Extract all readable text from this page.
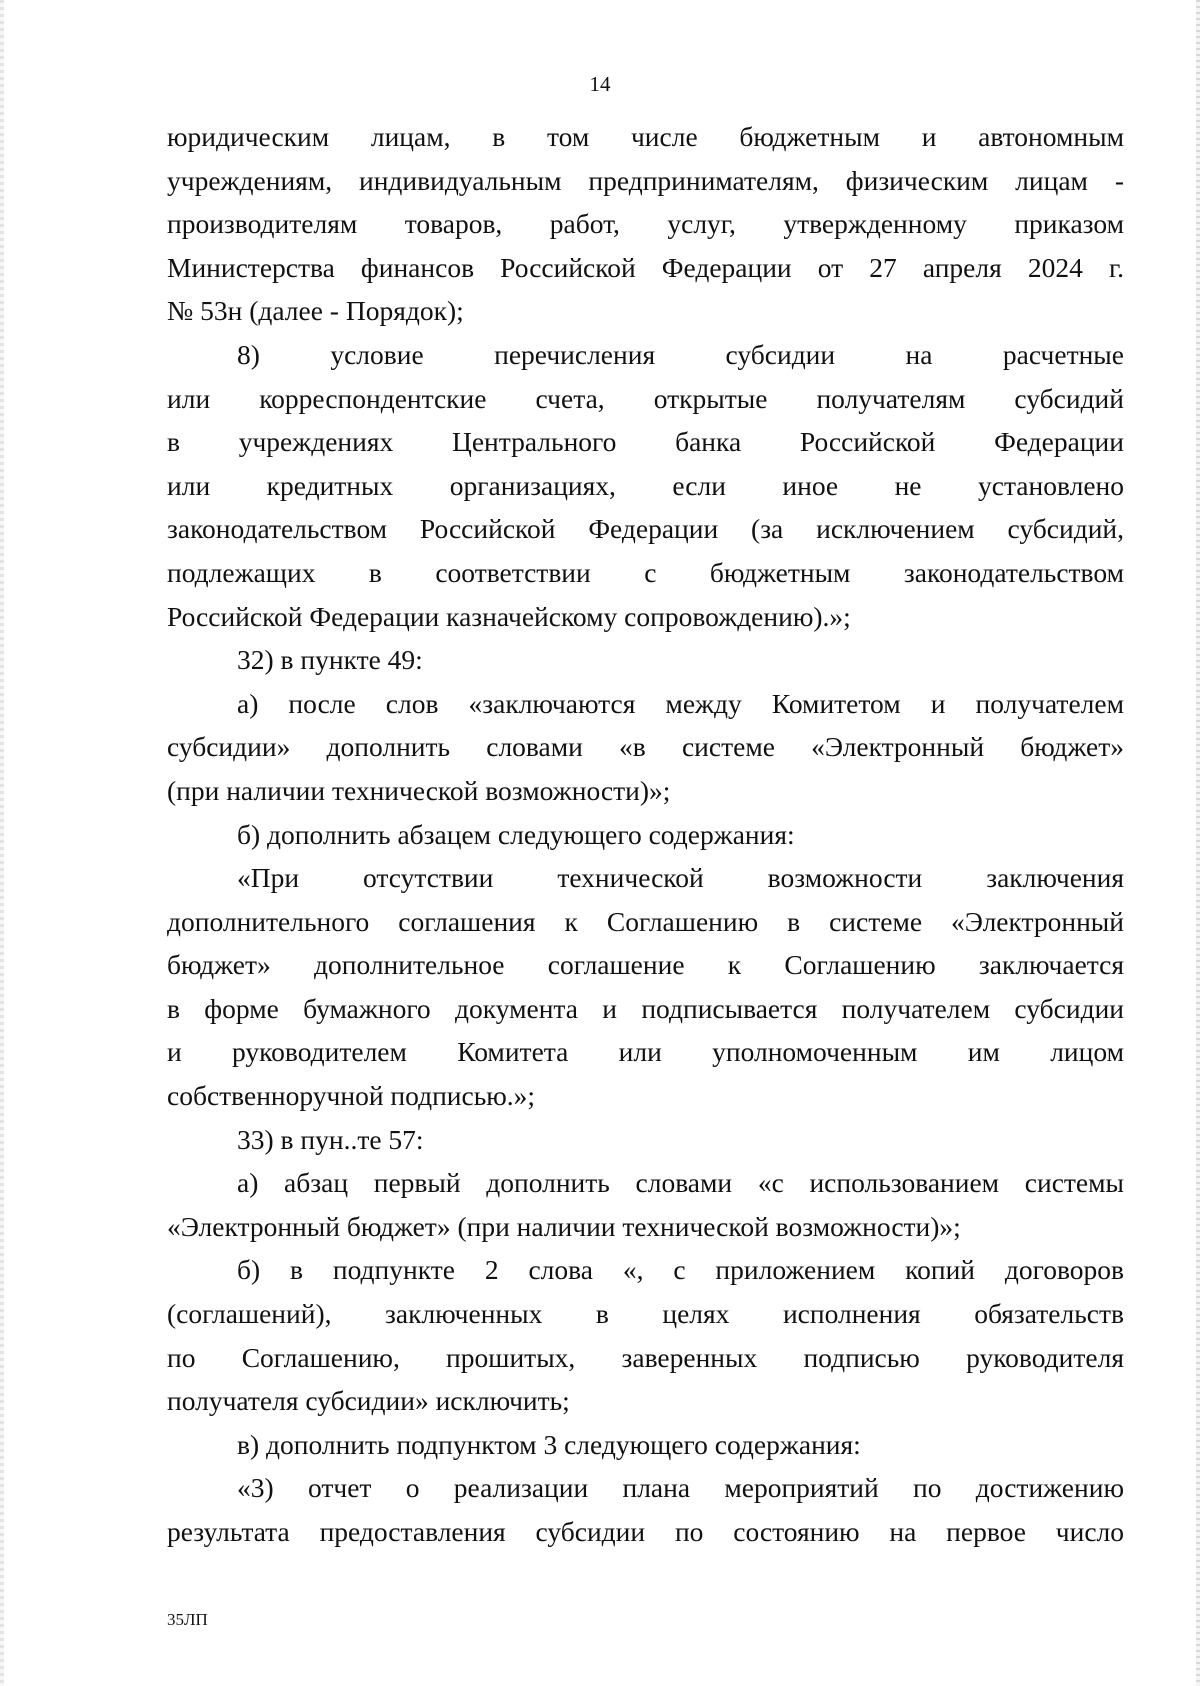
14
юридическим лицам, в том числе бюджетным и автономным
учреждениям, индивидуальным предпринимателям, физическим лицам -
производителям товаров, работ, услуг, утвержденному приказом
Министерства финансов Российской Федерации от 27 апреля 2024 г.
№ 53н (далее - Порядок);
8) условие перечисления субсидии на расчетные
или корреспондентские счета, открытые получателям субсидий
в учреждениях Центрального банка Российской Федерации
или кредитных организациях, если иное не установлено
законодательством Российской Федерации (за исключением субсидий,
подлежащих в соответствии с бюджетным законодательством
Российской Федерации казначейскому сопровождению).»;
32) в пункте 49:
а) после слов «заключаются между Комитетом и получателем
субсидии» дополнить словами «в системе «Электронный бюджет»
(при наличии технической возможности)»;
б) дополнить абзацем следующего содержания:
«При отсутствии технической возможности заключения
дополнительного соглашения к Соглашению в системе «Электронный
бюджет» дополнительное соглашение к Соглашению заключается
в форме бумажного документа и подписывается получателем субсидии
и руководителем Комитета или уполномоченным им лицом
собственноручной подписью.»;
33) в пун..те 57:
а) абзац первый дополнить словами «с использованием системы
«Электронный бюджет» (при наличии технической возможности)»;
б) в подпункте 2 слова «, с приложением копий договоров
(соглашений), заключенных в целях исполнения обязательств
по Соглашению, прошитых, заверенных подписью руководителя
получателя субсидии» исключить;
в) дополнить подпунктом 3 следующего содержания:
«3) отчет о реализации плана мероприятий по достижению
результата предоставления субсидии по состоянию на первое число
35ЛП
